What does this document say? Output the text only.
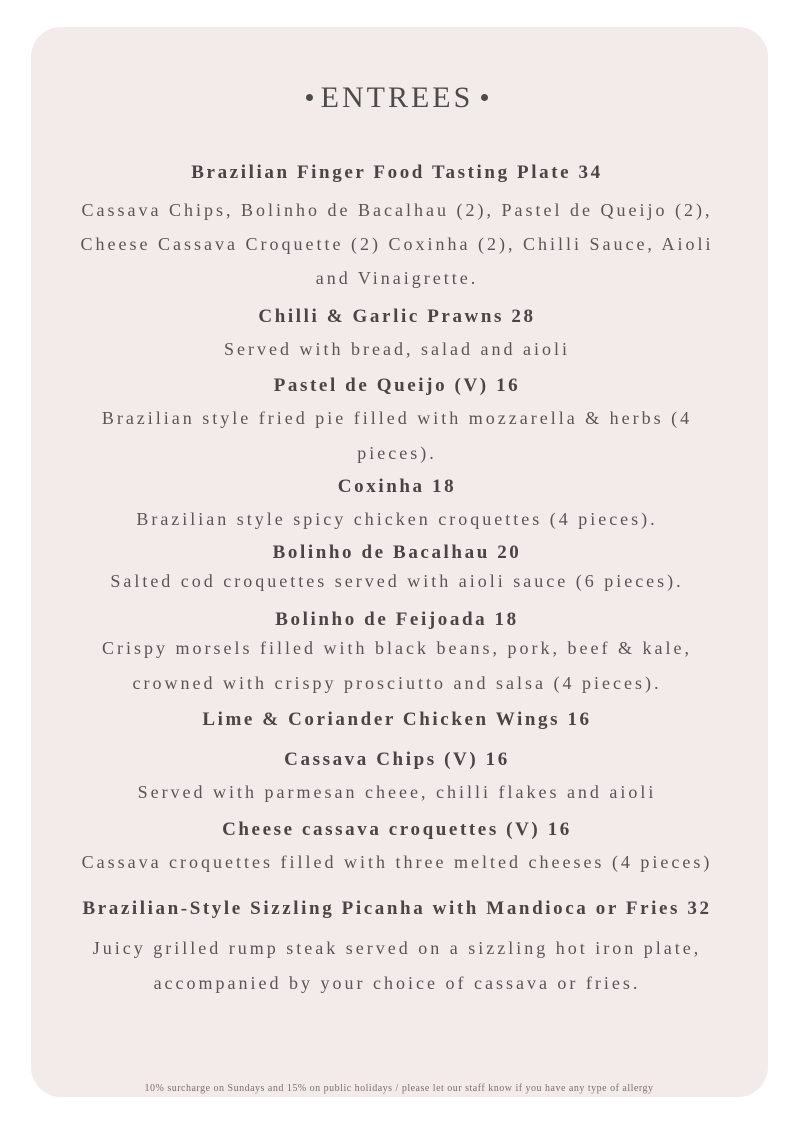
ENTREES
Brazilian Finger Food Tasting Plate 34
Cassava Chips, Bolinho de Bacalhau (2), Pastel de Queijo (2),
Cheese Cassava Croquette (2) Coxinha (2), Chilli Sauce, Aioli
and Vinaigrette.
Chilli & Garlic Prawns 28
Served with bread, salad and aioli
Pastel de Queijo (V) 16
Brazilian style fried pie filled with mozzarella & herbs (4
pieces).
Coxinha 18
Brazilian style spicy chicken croquettes (4 pieces).
Bolinho de Bacalhau 20
Salted cod croquettes served with aioli sauce (6 pieces).
Bolinho de Feijoada 18
Crispy morsels filled with black beans, pork, beef & kale,
crowned with crispy prosciutto and salsa (4 pieces).
Lime & Coriander Chicken Wings 16
Cassava Chips (V) 16
Served with parmesan cheee, chilli flakes and aioli
Cheese cassava croquettes (V) 16
Cassava croquettes filled with three melted cheeses (4 pieces)
Brazilian-Style Sizzling Picanha with Mandioca or Fries 32
Juicy grilled rump steak served on a sizzling hot iron plate,
accompanied by your choice of cassava or fries.
10% surcharge on Sundays and 15% on public holidays / please let our staff know if you have any type of allergy
